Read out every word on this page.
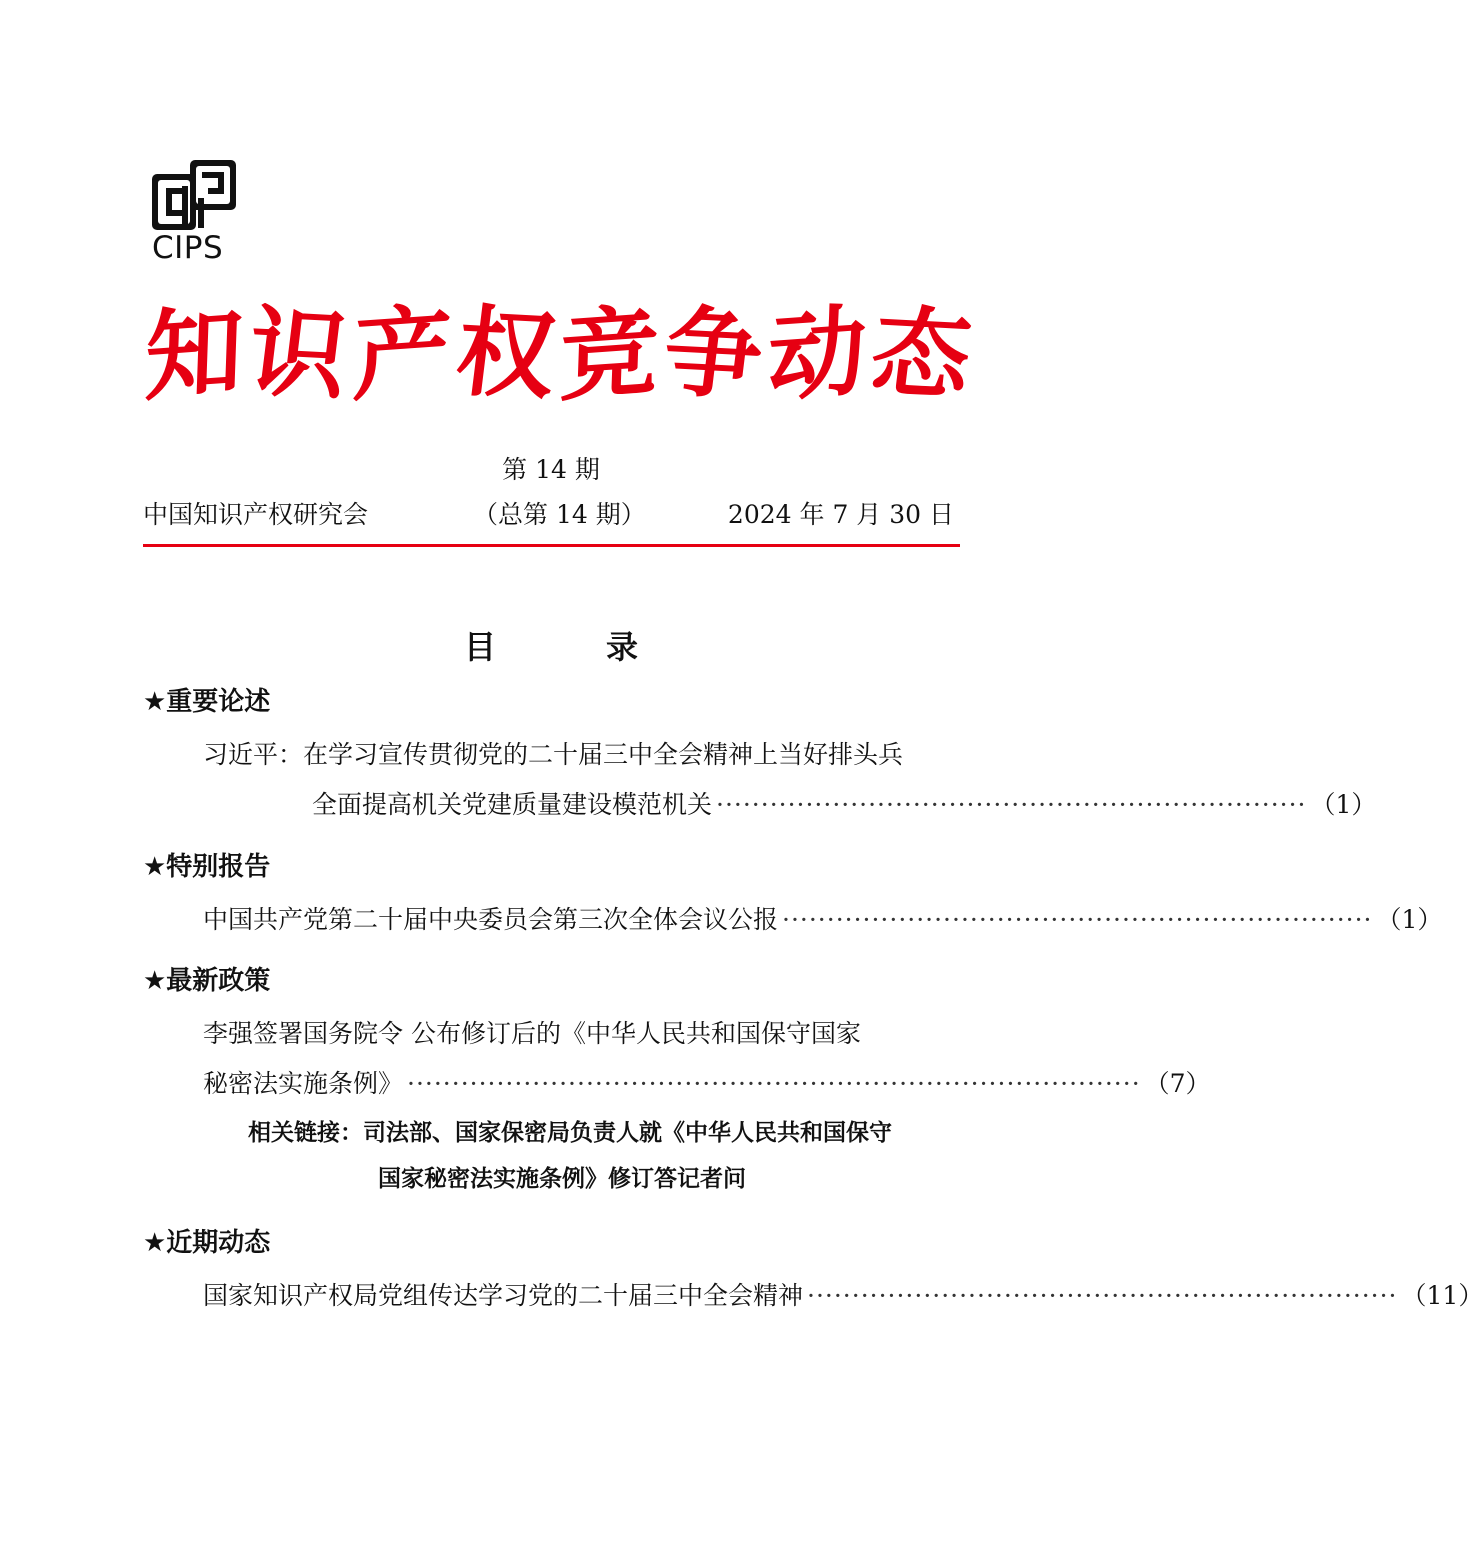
CIPS
知
识
产
权
竞
争
动
态
第 14 期
中国知识产权研究会	（总第 14 期）	2024 年 7 月 30 日
目	录
★重要论述
习近平：在学习宣传贯彻党的二十届三中全会精神上当好排头兵
全面提高机关党建质量建设模范机关 ·································································· （1）
★特别报告
中国共产党第二十届中央委员会第三次全体会议公报 ·································································· （1）
★最新政策
李强签署国务院令 公布修订后的《中华人民共和国保守国家
秘密法实施条例》 ·················································································· （7）
相关链接：司法部、国家保密局负责人就《中华人民共和国保守
国家秘密法实施条例》修订答记者问
★近期动态
国家知识产权局党组传达学习党的二十届三中全会精神 ·································································· （11）
